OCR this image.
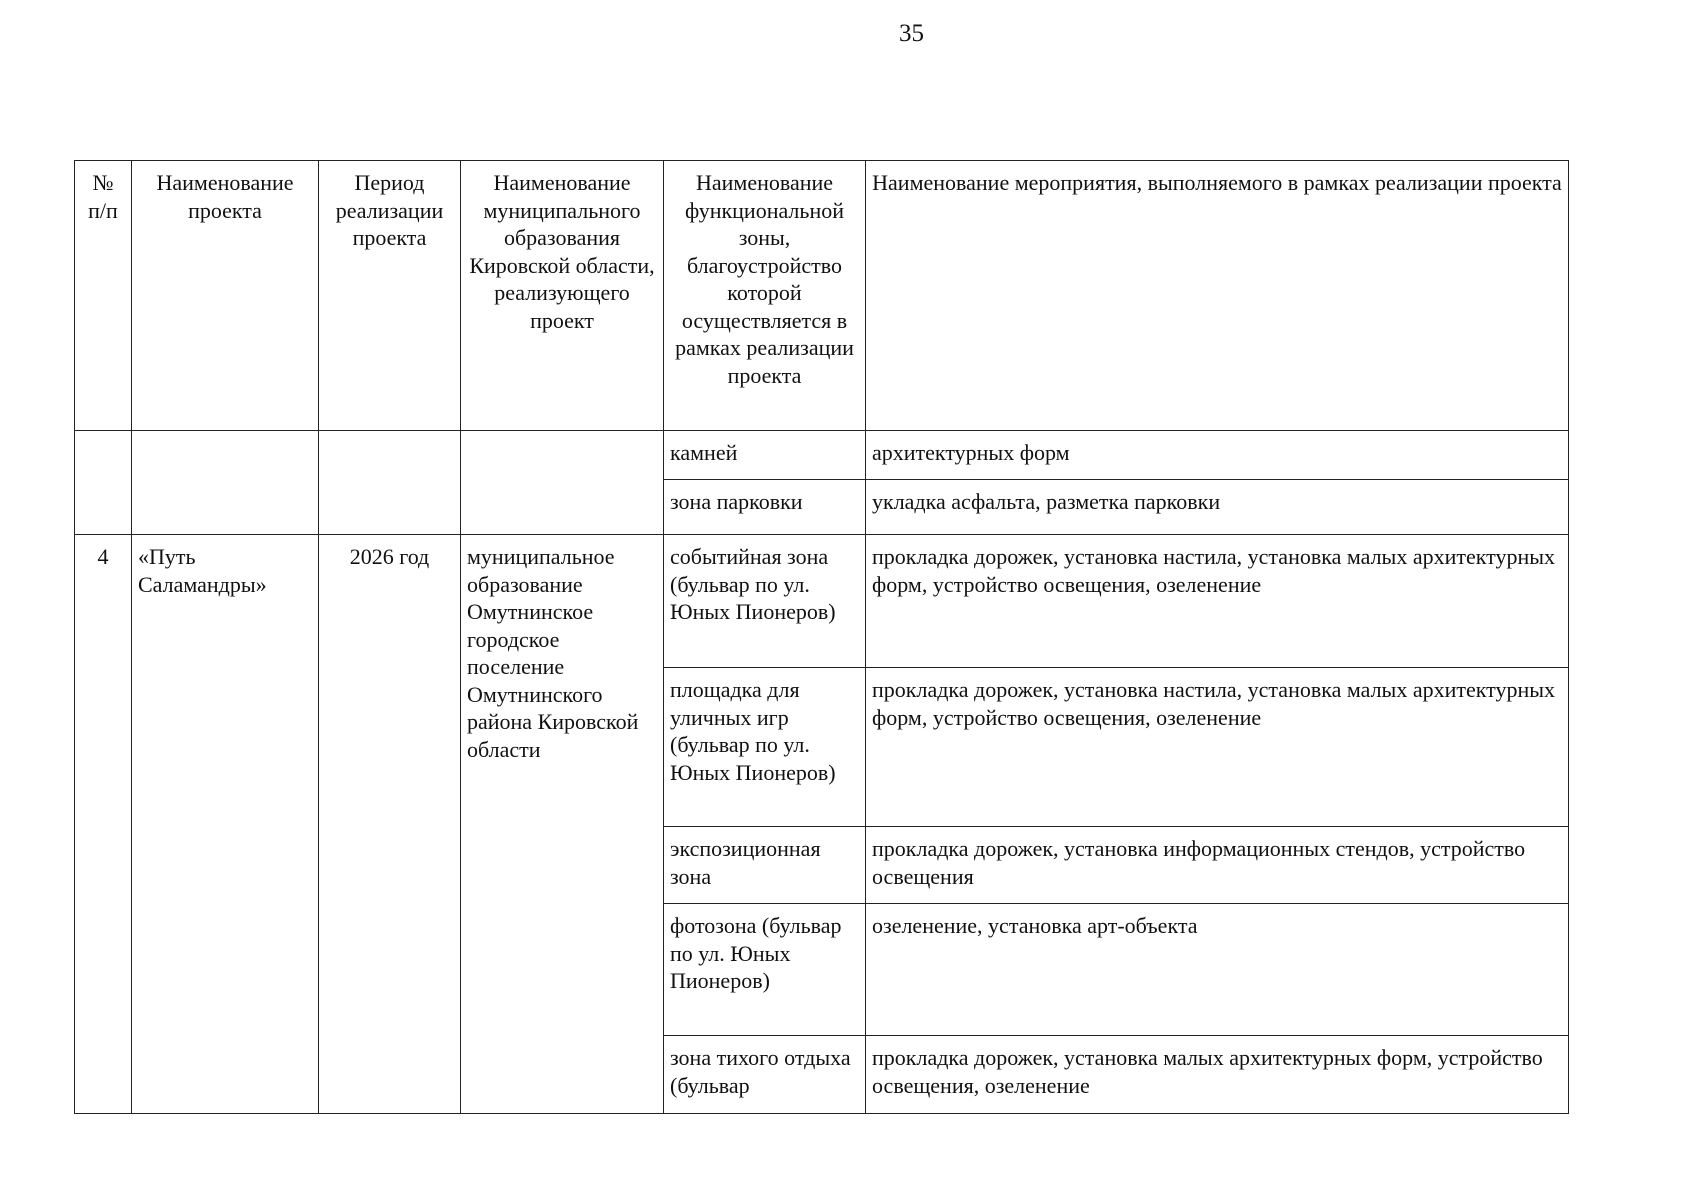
35
№ п/п	Наименование проекта	Период реализации проекта	Наименование муниципального образования Кировской области, реализующего проект	Наименование функциональной зоны, благоустройство которой осуществляется в рамках реализации проекта	Наименование мероприятия, выполняемого в рамках реализации проекта
				камней	архитектурных форм
				зона парковки	укладка асфальта, разметка парковки
4	«Путь Саламандры»	2026 год	муниципальное образование Омутнинское городское поселение Омутнинского района Кировской области	событийная зона (бульвар по ул. Юных Пионеров)	прокладка дорожек, установка настила, установка малых архитектурных форм, устройство освещения, озеленение
				площадка для уличных игр (бульвар по ул. Юных Пионеров)	прокладка дорожек, установка настила, установка малых архитектурных форм, устройство освещения, озеленение
				экспозиционная зона	прокладка дорожек, установка информационных стендов, устройство освещения
				фотозона (бульвар по ул. Юных Пионеров)	озеленение, установка арт-объекта
				зона тихого отдыха (бульвар	прокладка дорожек, установка малых архитектурных форм, устройство освещения, озеленение
